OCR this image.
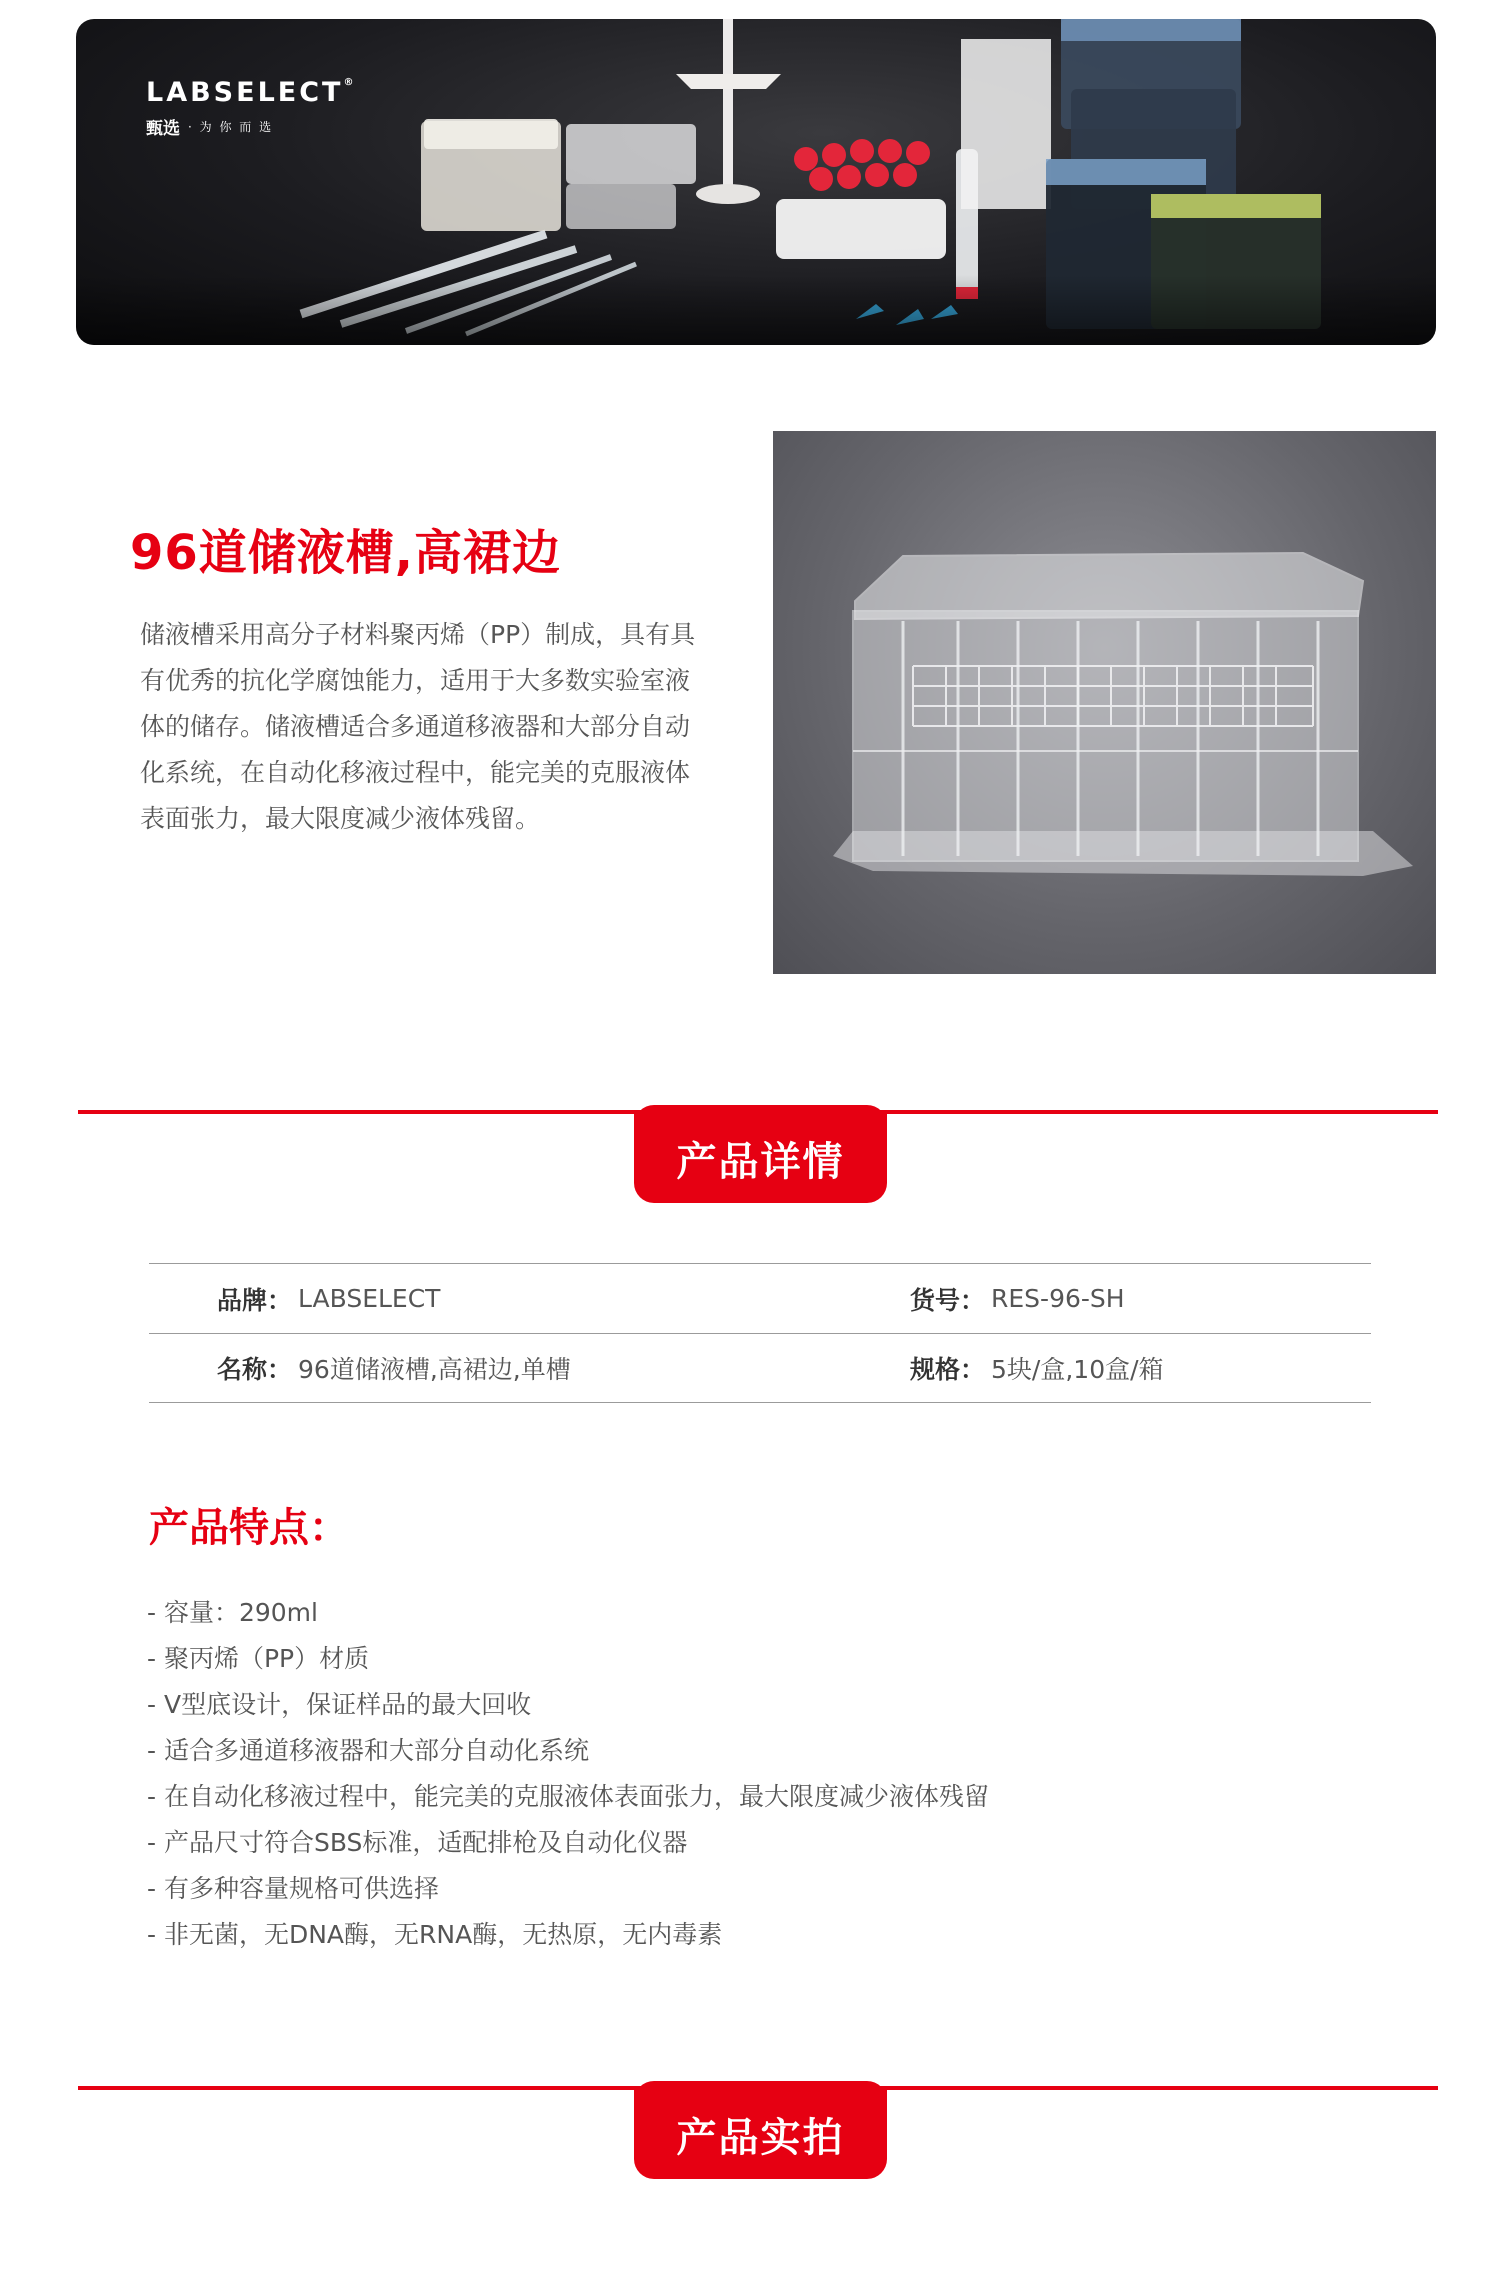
LABSELECT®
甄选 · 为 你 而 选
96道储液槽,高裙边

储液槽采用高分子材料聚丙烯（PP）制成，具有具有优秀的抗化学腐蚀能力，适用于大多数实验室液体的储存。储液槽适合多通道移液器和大部分自动化系统，在自动化移液过程中，能完美的克服液体表面张力，最大限度减少液体残留。

产品详情
品牌： LABSELECT	货号： RES-96-SH
名称： 96道储液槽,高裙边,单槽	规格： 5块/盒,10盒/箱
产品特点：
- 容量：290ml
- 聚丙烯（PP）材质
- V型底设计，保证样品的最大回收
- 适合多通道移液器和大部分自动化系统
- 在自动化移液过程中，能完美的克服液体表面张力，最大限度减少液体残留
- 产品尺寸符合SBS标准，适配排枪及自动化仪器
- 有多种容量规格可供选择
- 非无菌，无DNA酶，无RNA酶，无热原，无内毒素
产品实拍
